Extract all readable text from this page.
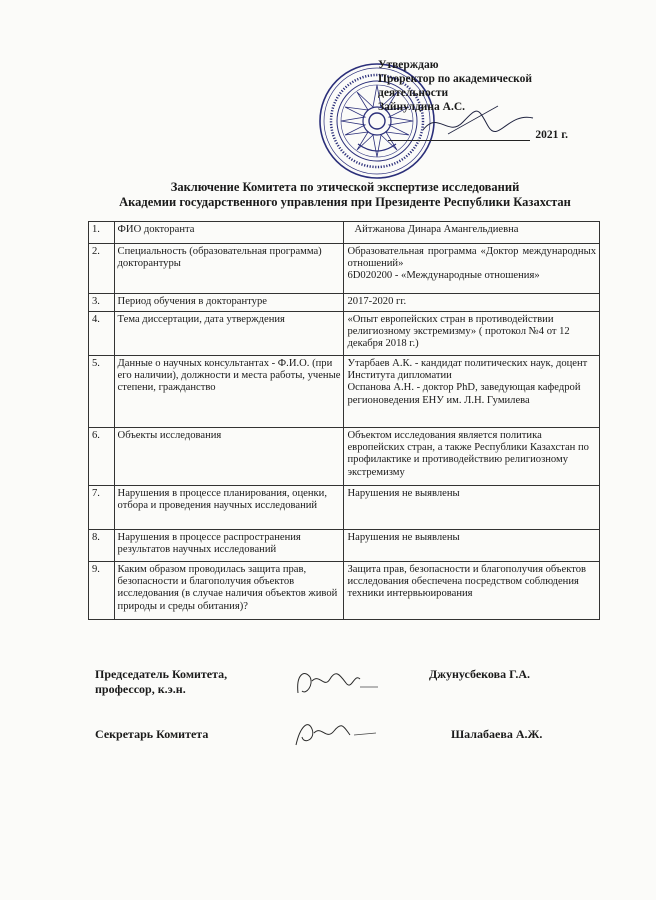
Утверждаю
Проректор по академической
деятельности
Зайнулдина А.С.
2021 г.
Заключение Комитета по этической экспертизе исследований
Академии государственного управления при Президенте Республики Казахстан
1.	ФИО докторанта	Айтжанова Динара Амангельдиевна
2.	Специальность (образовательная программа) докторантуры	Образовательная программа «Доктор международных отношений»
6D020200 - «Международные отношения»

3.	Период обучения в докторантуре	2017-2020 гг.
4.	Тема диссертации, дата утверждения	«Опыт европейских стран в противодействии религиозному экстремизму» ( протокол №4 от 12 декабря 2018 г.)
5.	Данные о научных консультантах - Ф.И.О. (при его наличии), должности и места работы, ученые степени, гражданство	Утарбаев А.К. - кандидат политических наук, доцент Института дипломатии
Оспанова А.Н. - доктор PhD, заведующая кафедрой регионоведения ЕНУ им. Л.Н. Гумилева

6.	Объекты исследования	Объектом исследования является политика европейских стран, а также Республики Казахстан по профилактике и противодействию религиозному экстремизму
7.	Нарушения в процессе планирования, оценки, отбора и проведения научных исследований	Нарушения не выявлены
8.	Нарушения в процессе распространения результатов научных исследований	Нарушения не выявлены
9.	Каким образом проводилась защита прав, безопасности и благополучия объектов исследования (в случае наличия объектов живой природы и среды обитания)?	Защита прав, безопасности и благополучия объектов исследования обеспечена посредством соблюдения техники интервьюирования
Председатель Комитета,
профессор, к.э.н.
Джунусбекова Г.А.
Секретарь Комитета	Шалабаева А.Ж.
